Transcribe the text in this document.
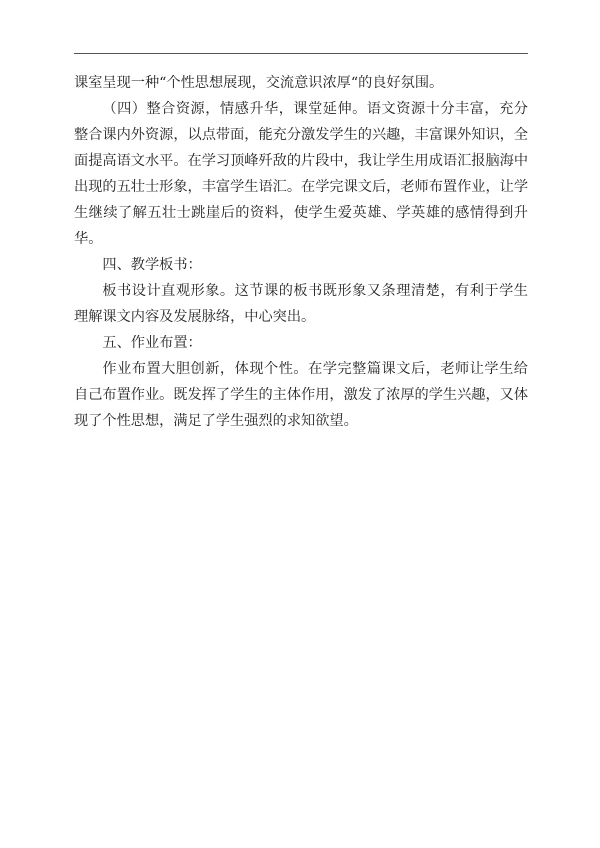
课室呈现一种“个性思想展现，交流意识浓厚“的良好氛围。

（四）整合资源，情感升华，课堂延伸。语文资源十分丰富，充分整合课内外资源，以点带面，能充分激发学生的兴趣，丰富课外知识，全面提高语文水平。在学习顶峰歼敌的片段中，我让学生用成语汇报脑海中出现的五壮士形象，丰富学生语汇。在学完课文后，老师布置作业，让学生继续了解五壮士跳崖后的资料，使学生爱英雄、学英雄的感情得到升华。

四、教学板书：

板书设计直观形象。这节课的板书既形象又条理清楚，有利于学生理解课文内容及发展脉络，中心突出。

五、作业布置：

作业布置大胆创新，体现个性。在学完整篇课文后，老师让学生给自己布置作业。既发挥了学生的主体作用，激发了浓厚的学生兴趣，又体现了个性思想，满足了学生强烈的求知欲望。
